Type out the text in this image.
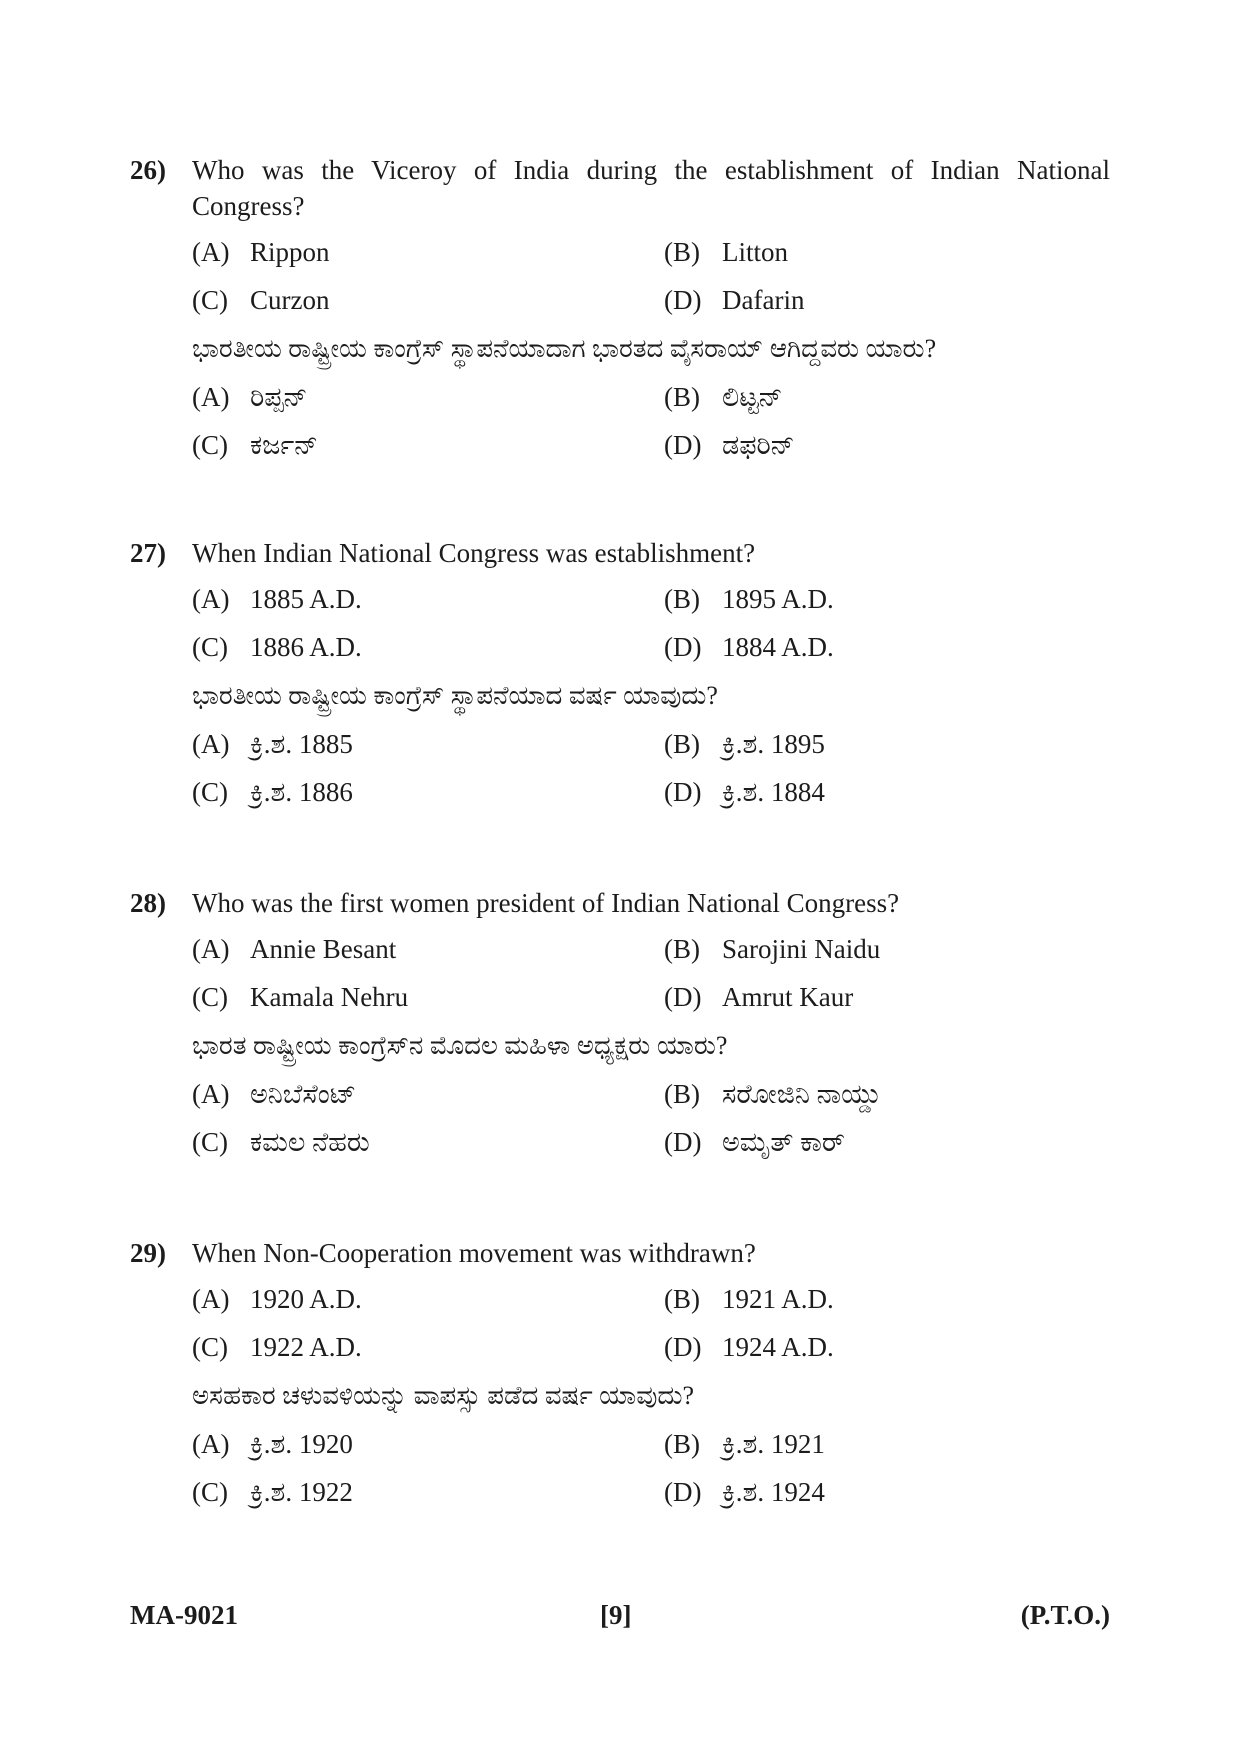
26) Who was the Viceroy of India during the establishment of Indian National Congress?
(A) Rippon	(B) Litton
(C) Curzon	(D) Dafarin
ಭಾರತೀಯ ರಾಷ್ಟ್ರೀಯ ಕಾಂಗ್ರೆಸ್ ಸ್ಥಾಪನೆಯಾದಾಗ ಭಾರತದ ವೈಸರಾಯ್ ಆಗಿದ್ದವರು ಯಾರು?
(A) ರಿಪ್ಪನ್	(B) ಲಿಟ್ಟನ್
(C) ಕರ್ಜನ್	(D) ಡಫರಿನ್
27) When Indian National Congress was establishment?
(A) 1885 A.D.	(B) 1895 A.D.
(C) 1886 A.D.	(D) 1884 A.D.
ಭಾರತೀಯ ರಾಷ್ಟ್ರೀಯ ಕಾಂಗ್ರೆಸ್ ಸ್ಥಾಪನೆಯಾದ ವರ್ಷ ಯಾವುದು?
(A) ಕ್ರಿ.ಶ. 1885	(B) ಕ್ರಿ.ಶ. 1895
(C) ಕ್ರಿ.ಶ. 1886	(D) ಕ್ರಿ.ಶ. 1884
28) Who was the first women president of Indian National Congress?
(A) Annie Besant	(B) Sarojini Naidu
(C) Kamala Nehru	(D) Amrut Kaur
ಭಾರತ ರಾಷ್ಟ್ರೀಯ ಕಾಂಗ್ರೆಸ್‌ನ ಮೊದಲ ಮಹಿಳಾ ಅಧ್ಯಕ್ಷರು ಯಾರು?
(A) ಅನಿಬೆಸೆಂಟ್	(B) ಸರೋಜಿನಿ ನಾಯ್ಡು
(C) ಕಮಲ ನೆಹರು	(D) ಅಮೃತ್ ಕಾರ್
29) When Non-Cooperation movement was withdrawn?
(A) 1920 A.D.	(B) 1921 A.D.
(C) 1922 A.D.	(D) 1924 A.D.
ಅಸಹಕಾರ ಚಳುವಳಿಯನ್ನು ವಾಪಸ್ಸು ಪಡೆದ ವರ್ಷ ಯಾವುದು?
(A) ಕ್ರಿ.ಶ. 1920	(B) ಕ್ರಿ.ಶ. 1921
(C) ಕ್ರಿ.ಶ. 1922	(D) ಕ್ರಿ.ಶ. 1924
MA-9021	[9]	(P.T.O.)
